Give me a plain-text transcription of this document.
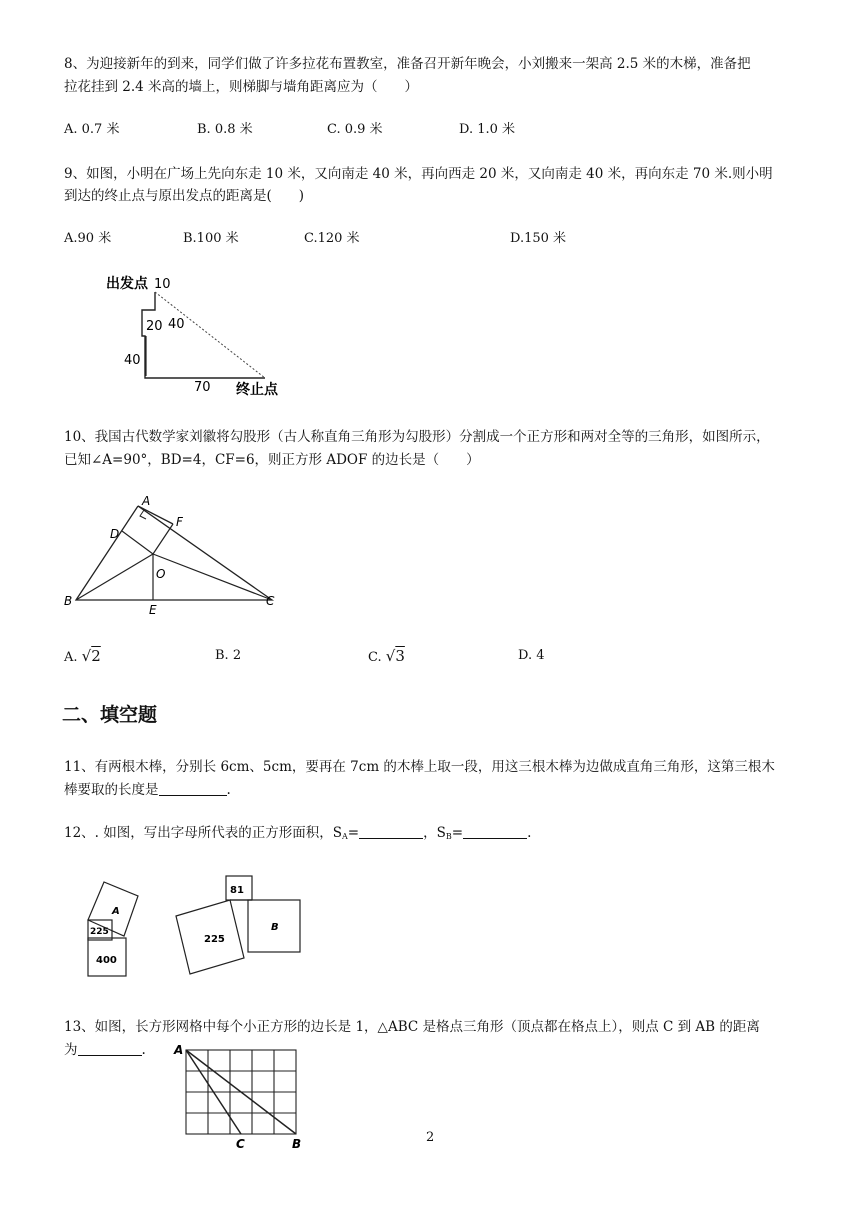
8、为迎接新年的到来，同学们做了许多拉花布置教室，准备召开新年晚会，小刘搬来一架高 2.5 米的木梯，准备把
拉花挂到 2.4 米高的墙上，则梯脚与墙角距离应为（　　）
A. 0.7 米	B. 0.8 米	C. 0.9 米	D. 1.0 米
9、如图，小明在广场上先向东走 10 米，又向南走 40 米，再向西走 20 米，又向南走 40 米，再向东走 70 米.则小明
到达的终止点与原出发点的距离是(　　)
A.90 米	B.100 米	C.120 米	D.150 米
出发点 10
40
20
40
70 终止点
10、我国古代数学家刘徽将勾股形（古人称直角三角形为勾股形）分割成一个正方形和两对全等的三角形，如图所示，
已知∠A=90°，BD=4，CF=6，则正方形 ADOF 的边长是（　　）
A
D
F
O
B	C
E
A. √2	B. 2	C. √3	D. 4
二、填空题
11、有两根木棒，分别长 6cm、5cm，要再在 7cm 的木棒上取一段，用这三根木棒为边做成直角三角形，这第三根木
棒要取的长度是	.
12、. 如图，写出字母所代表的正方形面积，$S_A=$	，$S_B=$	.
225
400
A
81
225
B
13、如图，长方形网格中每个小正方形的边长是 1，△ABC 是格点三角形（顶点都在格点上），则点 C 到 AB 的距离
为	. A
C	B	2
